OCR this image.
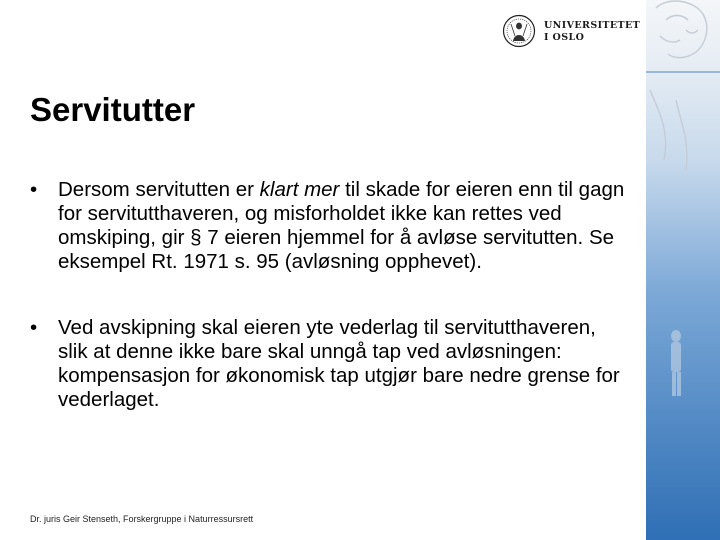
UNIVERSITETET
I OSLO
Servitutter
•	Dersom servitutten er klart mer til skade for eieren enn til gagn for servitutthaveren, og misforholdet ikke kan rettes ved omskiping, gir § 7 eieren hjemmel for å avløse servitutten. Se eksempel Rt. 1971 s. 95 (avløsning opphevet).
•	Ved avskipning skal eieren yte vederlag til servitutthaveren, slik at denne ikke bare skal unngå tap ved avløsningen: kompensasjon for økonomisk tap utgjør bare nedre grense for vederlaget.
Dr. juris Geir Stenseth, Forskergruppe i Naturressursrett
